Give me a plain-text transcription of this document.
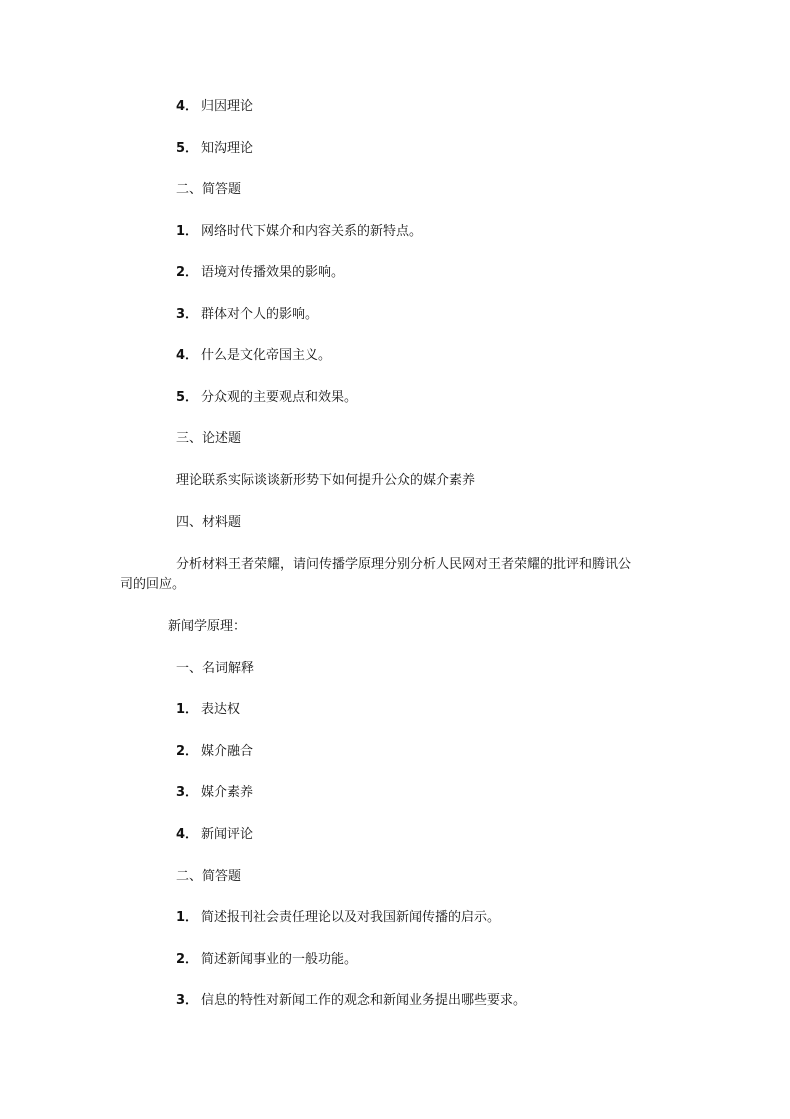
4． 归因理论
5． 知沟理论
二、简答题
1． 网络时代下媒介和内容关系的新特点。
2． 语境对传播效果的影响。
3． 群体对个人的影响。
4． 什么是文化帝国主义。
5． 分众观的主要观点和效果。
三、论述题
理论联系实际谈谈新形势下如何提升公众的媒介素养
四、材料题
分析材料王者荣耀，请问传播学原理分别分析人民网对王者荣耀的批评和腾讯公
司的回应。
新闻学原理：
一、名词解释
1． 表达权
2． 媒介融合
3． 媒介素养
4． 新闻评论
二、简答题
1． 简述报刊社会责任理论以及对我国新闻传播的启示。
2． 简述新闻事业的一般功能。
3． 信息的特性对新闻工作的观念和新闻业务提出哪些要求。
